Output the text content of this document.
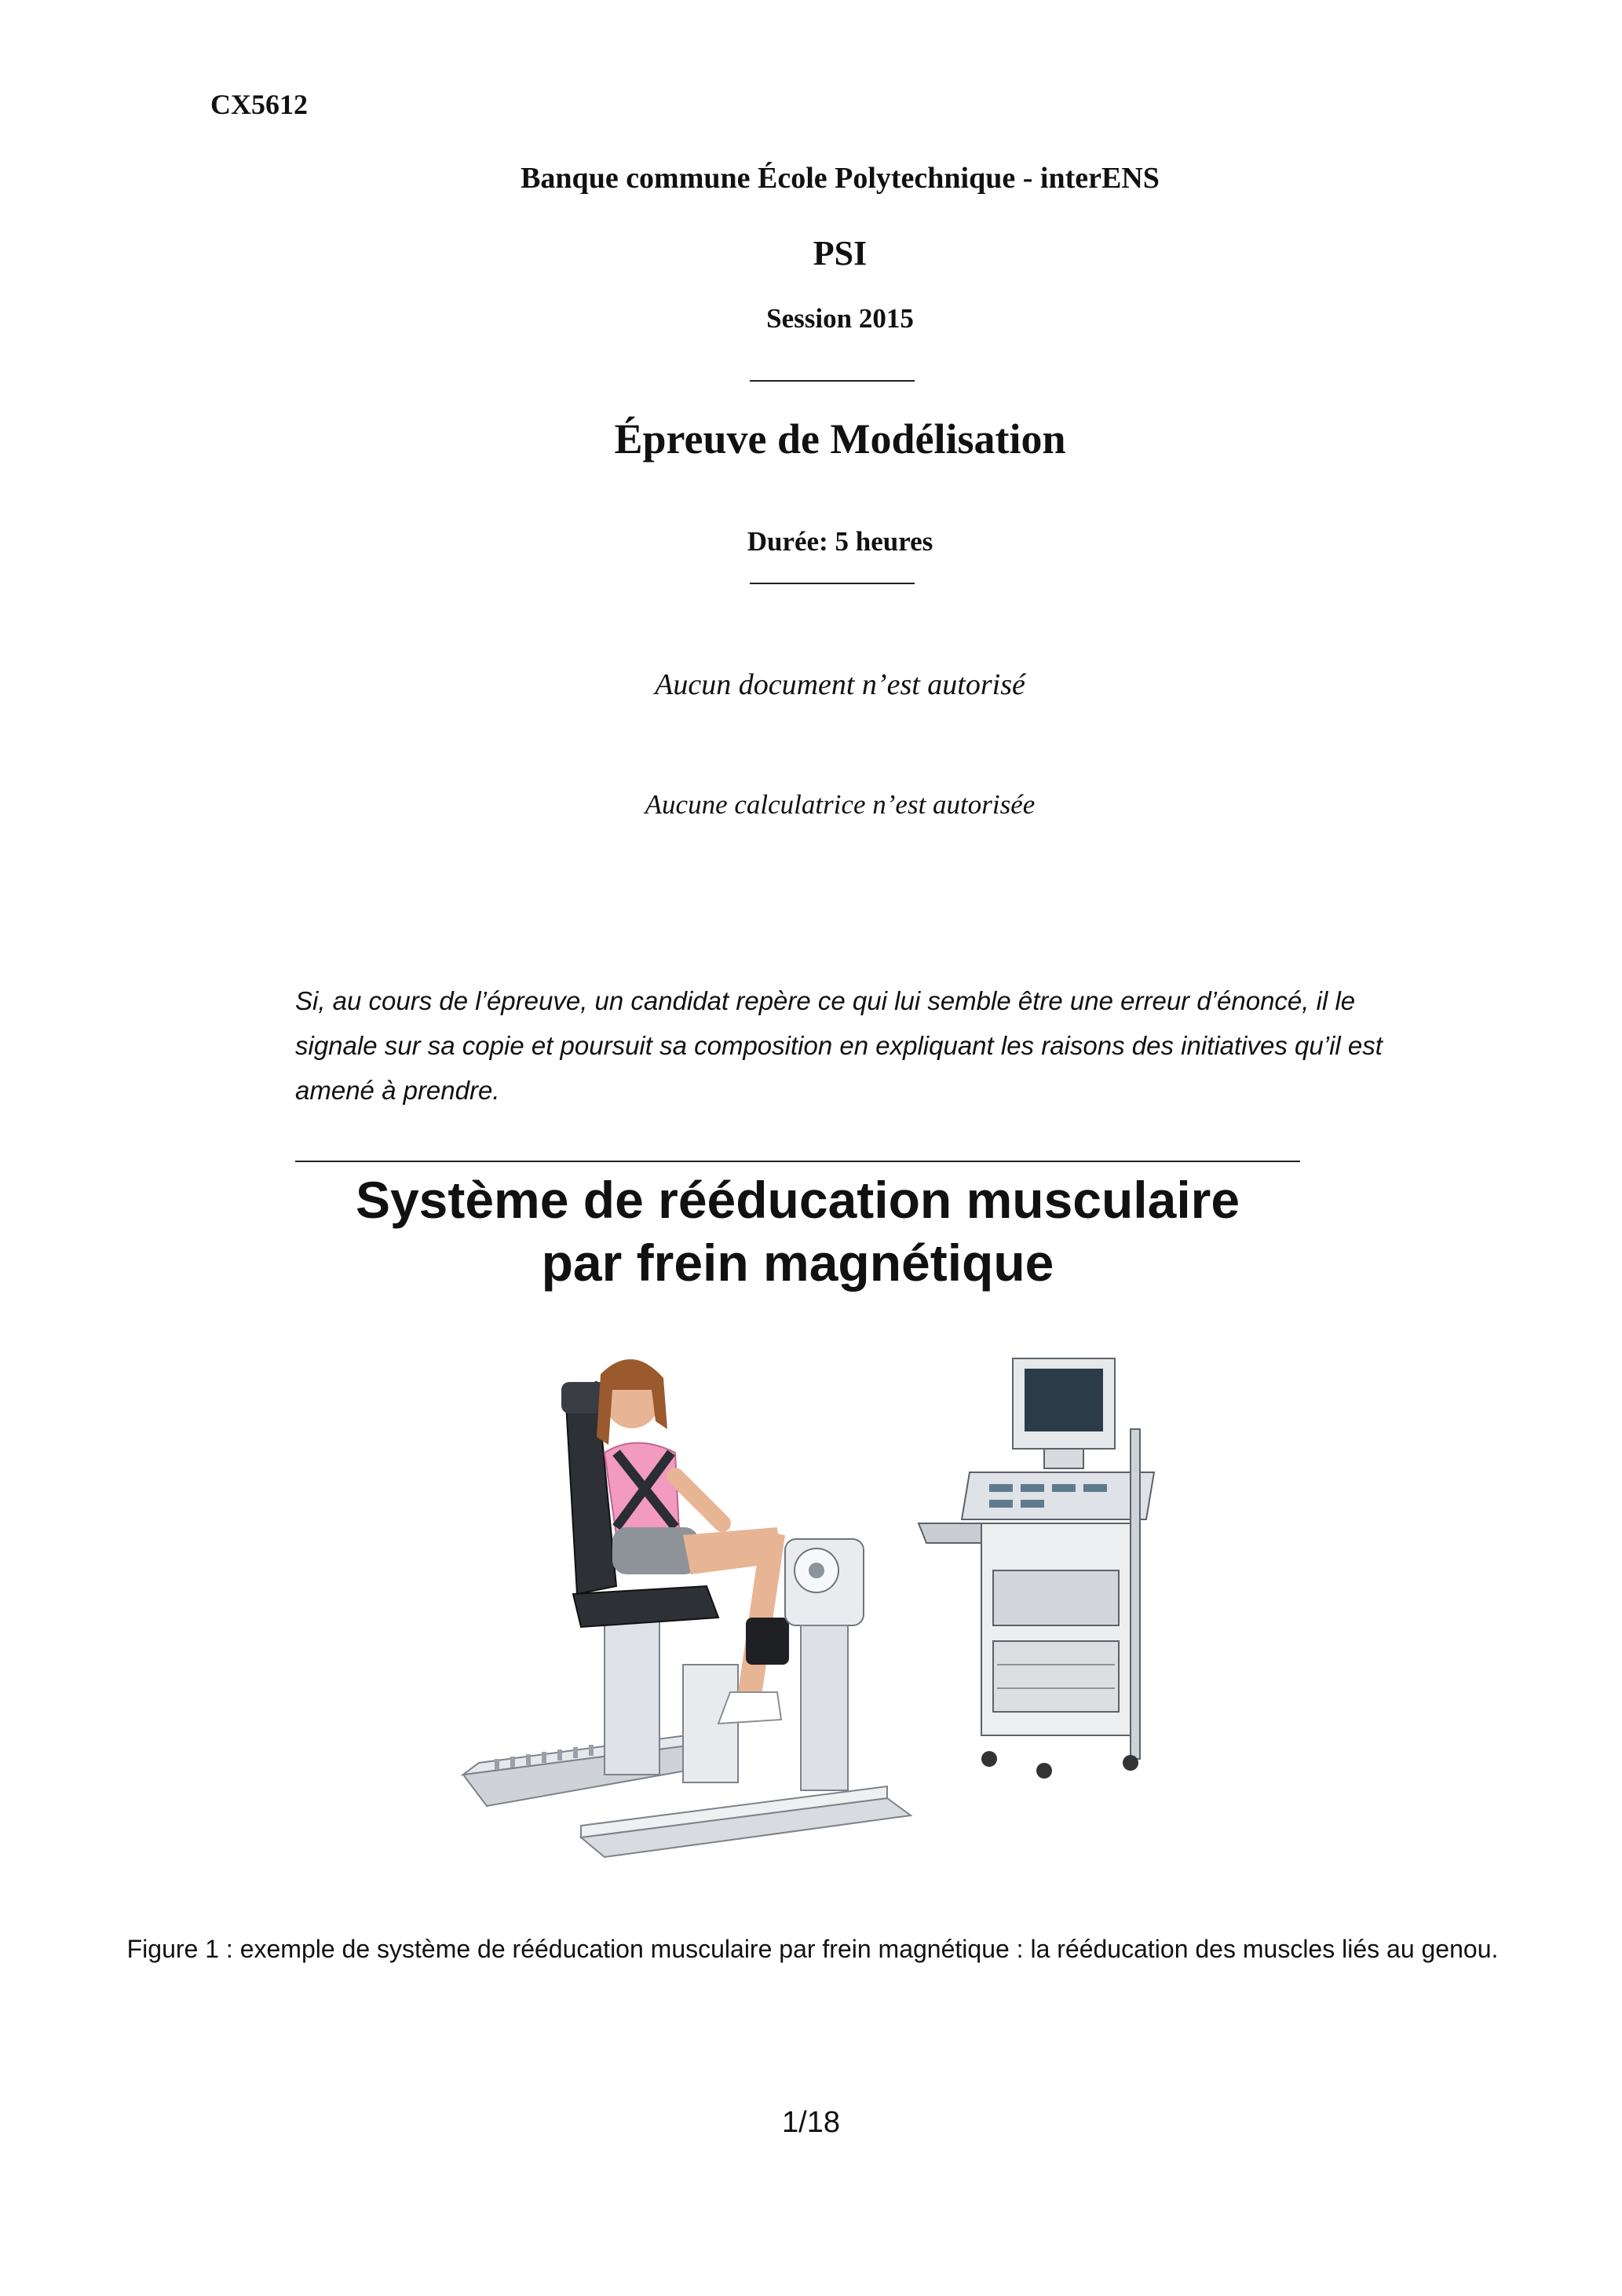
CX5612
Banque commune École Polytechnique - interENS
PSI
Session 2015
Épreuve de Modélisation
Durée: 5 heures
Aucun document n’est autorisé
Aucune calculatrice n’est autorisée
Si, au cours de l’épreuve, un candidat repère ce qui lui semble être une erreur d’énoncé, il le signale sur sa copie et poursuit sa composition en expliquant les raisons des initiatives qu’il est amené à prendre.
Système de rééducation musculaire
par frein magnétique
Figure 1 : exemple de système de rééducation musculaire par frein magnétique : la rééducation des muscles liés au genou.
1/18
